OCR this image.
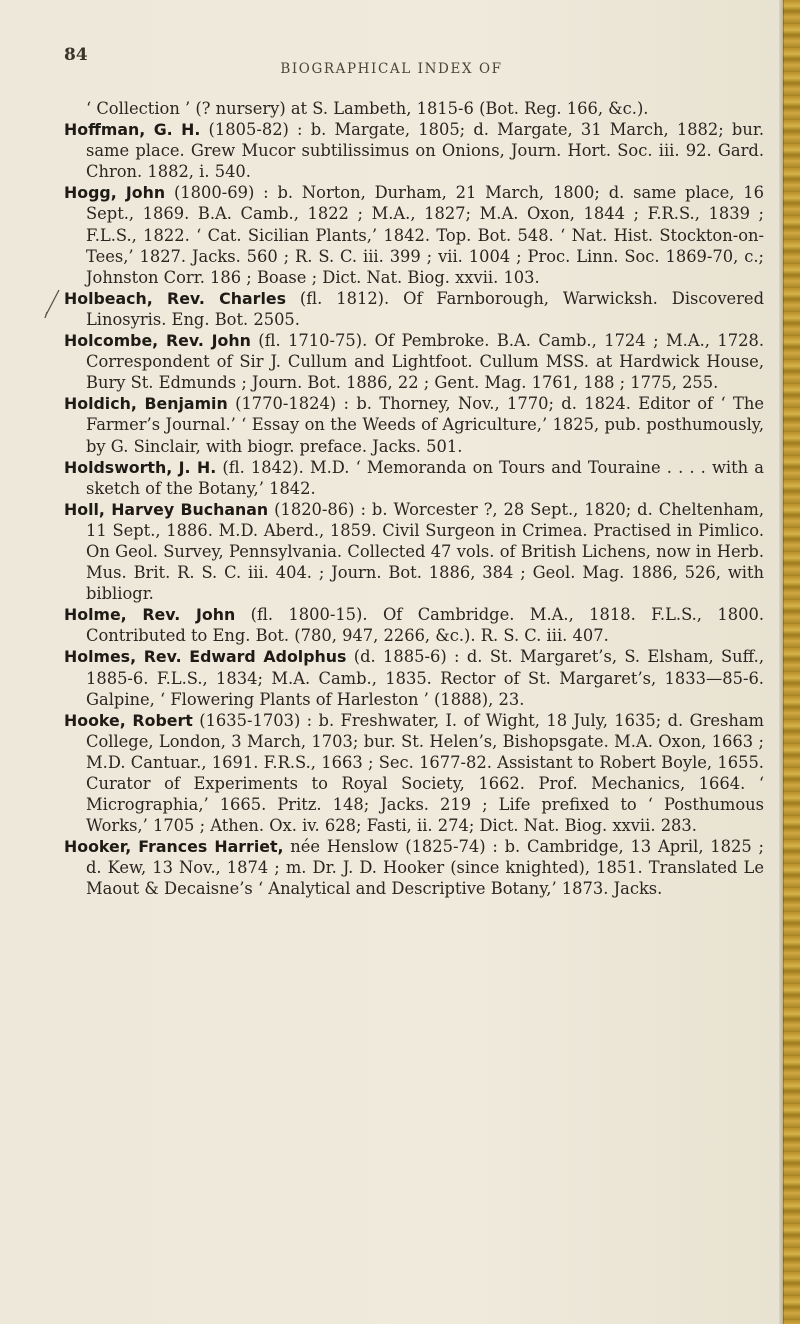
84
BIOGRAPHICAL INDEX OF

‘ Collection ’ (? nursery) at S. Lambeth, 1815-6 (Bot. Reg. 166, &c.).

Hoffman, G. H. (1805-82) : b. Margate, 1805; d. Margate, 31 March, 1882; bur. same place. Grew Mucor subtilissimus on Onions, Journ. Hort. Soc. iii. 92. Gard. Chron. 1882, i. 540.

Hogg, John (1800-69) : b. Norton, Durham, 21 March, 1800; d. same place, 16 Sept., 1869. B.A. Camb., 1822 ; M.A., 1827; M.A. Oxon, 1844 ; F.R.S., 1839 ; F.L.S., 1822. ‘ Cat. Sicilian Plants,’ 1842. Top. Bot. 548. ‘ Nat. Hist. Stockton-on-Tees,’ 1827. Jacks. 560 ; R. S. C. iii. 399 ; vii. 1004 ; Proc. Linn. Soc. 1869-70, c.; Johnston Corr. 186 ; Boase ; Dict. Nat. Biog. xxvii. 103.

Holbeach, Rev. Charles (fl. 1812). Of Farnborough, Warwicksh. Discovered Linosyris. Eng. Bot. 2505.

Holcombe, Rev. John (fl. 1710-75). Of Pembroke. B.A. Camb., 1724 ; M.A., 1728. Correspondent of Sir J. Cullum and Lightfoot. Cullum MSS. at Hardwick House, Bury St. Edmunds ; Journ. Bot. 1886, 22 ; Gent. Mag. 1761, 188 ; 1775, 255.

Holdich, Benjamin (1770-1824) : b. Thorney, Nov., 1770; d. 1824. Editor of ‘ The Farmer’s Journal.’ ‘ Essay on the Weeds of Agriculture,’ 1825, pub. posthumously, by G. Sinclair, with biogr. preface. Jacks. 501.

Holdsworth, J. H. (fl. 1842). M.D. ‘ Memoranda on Tours and Touraine . . . . with a sketch of the Botany,’ 1842.

Holl, Harvey Buchanan (1820-86) : b. Worcester ?, 28 Sept., 1820; d. Cheltenham, 11 Sept., 1886. M.D. Aberd., 1859. Civil Surgeon in Crimea. Practised in Pimlico. On Geol. Survey, Pennsylvania. Collected 47 vols. of British Lichens, now in Herb. Mus. Brit. R. S. C. iii. 404. ; Journ. Bot. 1886, 384 ; Geol. Mag. 1886, 526, with bibliogr.

Holme, Rev. John (fl. 1800-15). Of Cambridge. M.A., 1818. F.L.S., 1800. Contributed to Eng. Bot. (780, 947, 2266, &c.). R. S. C. iii. 407.

Holmes, Rev. Edward Adolphus (d. 1885-6) : d. St. Margaret’s, S. Elsham, Suff., 1885-6. F.L.S., 1834; M.A. Camb., 1835. Rector of St. Margaret’s, 1833—85-6. Galpine, ‘ Flowering Plants of Harleston ’ (1888), 23.

Hooke, Robert (1635-1703) : b. Freshwater, I. of Wight, 18 July, 1635; d. Gresham College, London, 3 March, 1703; bur. St. Helen’s, Bishopsgate. M.A. Oxon, 1663 ; M.D. Cantuar., 1691. F.R.S., 1663 ; Sec. 1677-82. Assistant to Robert Boyle, 1655. Curator of Experiments to Royal Society, 1662. Prof. Mechanics, 1664. ‘ Micrographia,’ 1665. Pritz. 148; Jacks. 219 ; Life prefixed to ‘ Posthumous Works,’ 1705 ; Athen. Ox. iv. 628; Fasti, ii. 274; Dict. Nat. Biog. xxvii. 283.

Hooker, Frances Harriet, née Henslow (1825-74) : b. Cambridge, 13 April, 1825 ; d. Kew, 13 Nov., 1874 ; m. Dr. J. D. Hooker (since knighted), 1851. Translated Le Maout & Decaisne’s ‘ Analytical and Descriptive Botany,’ 1873. Jacks.
